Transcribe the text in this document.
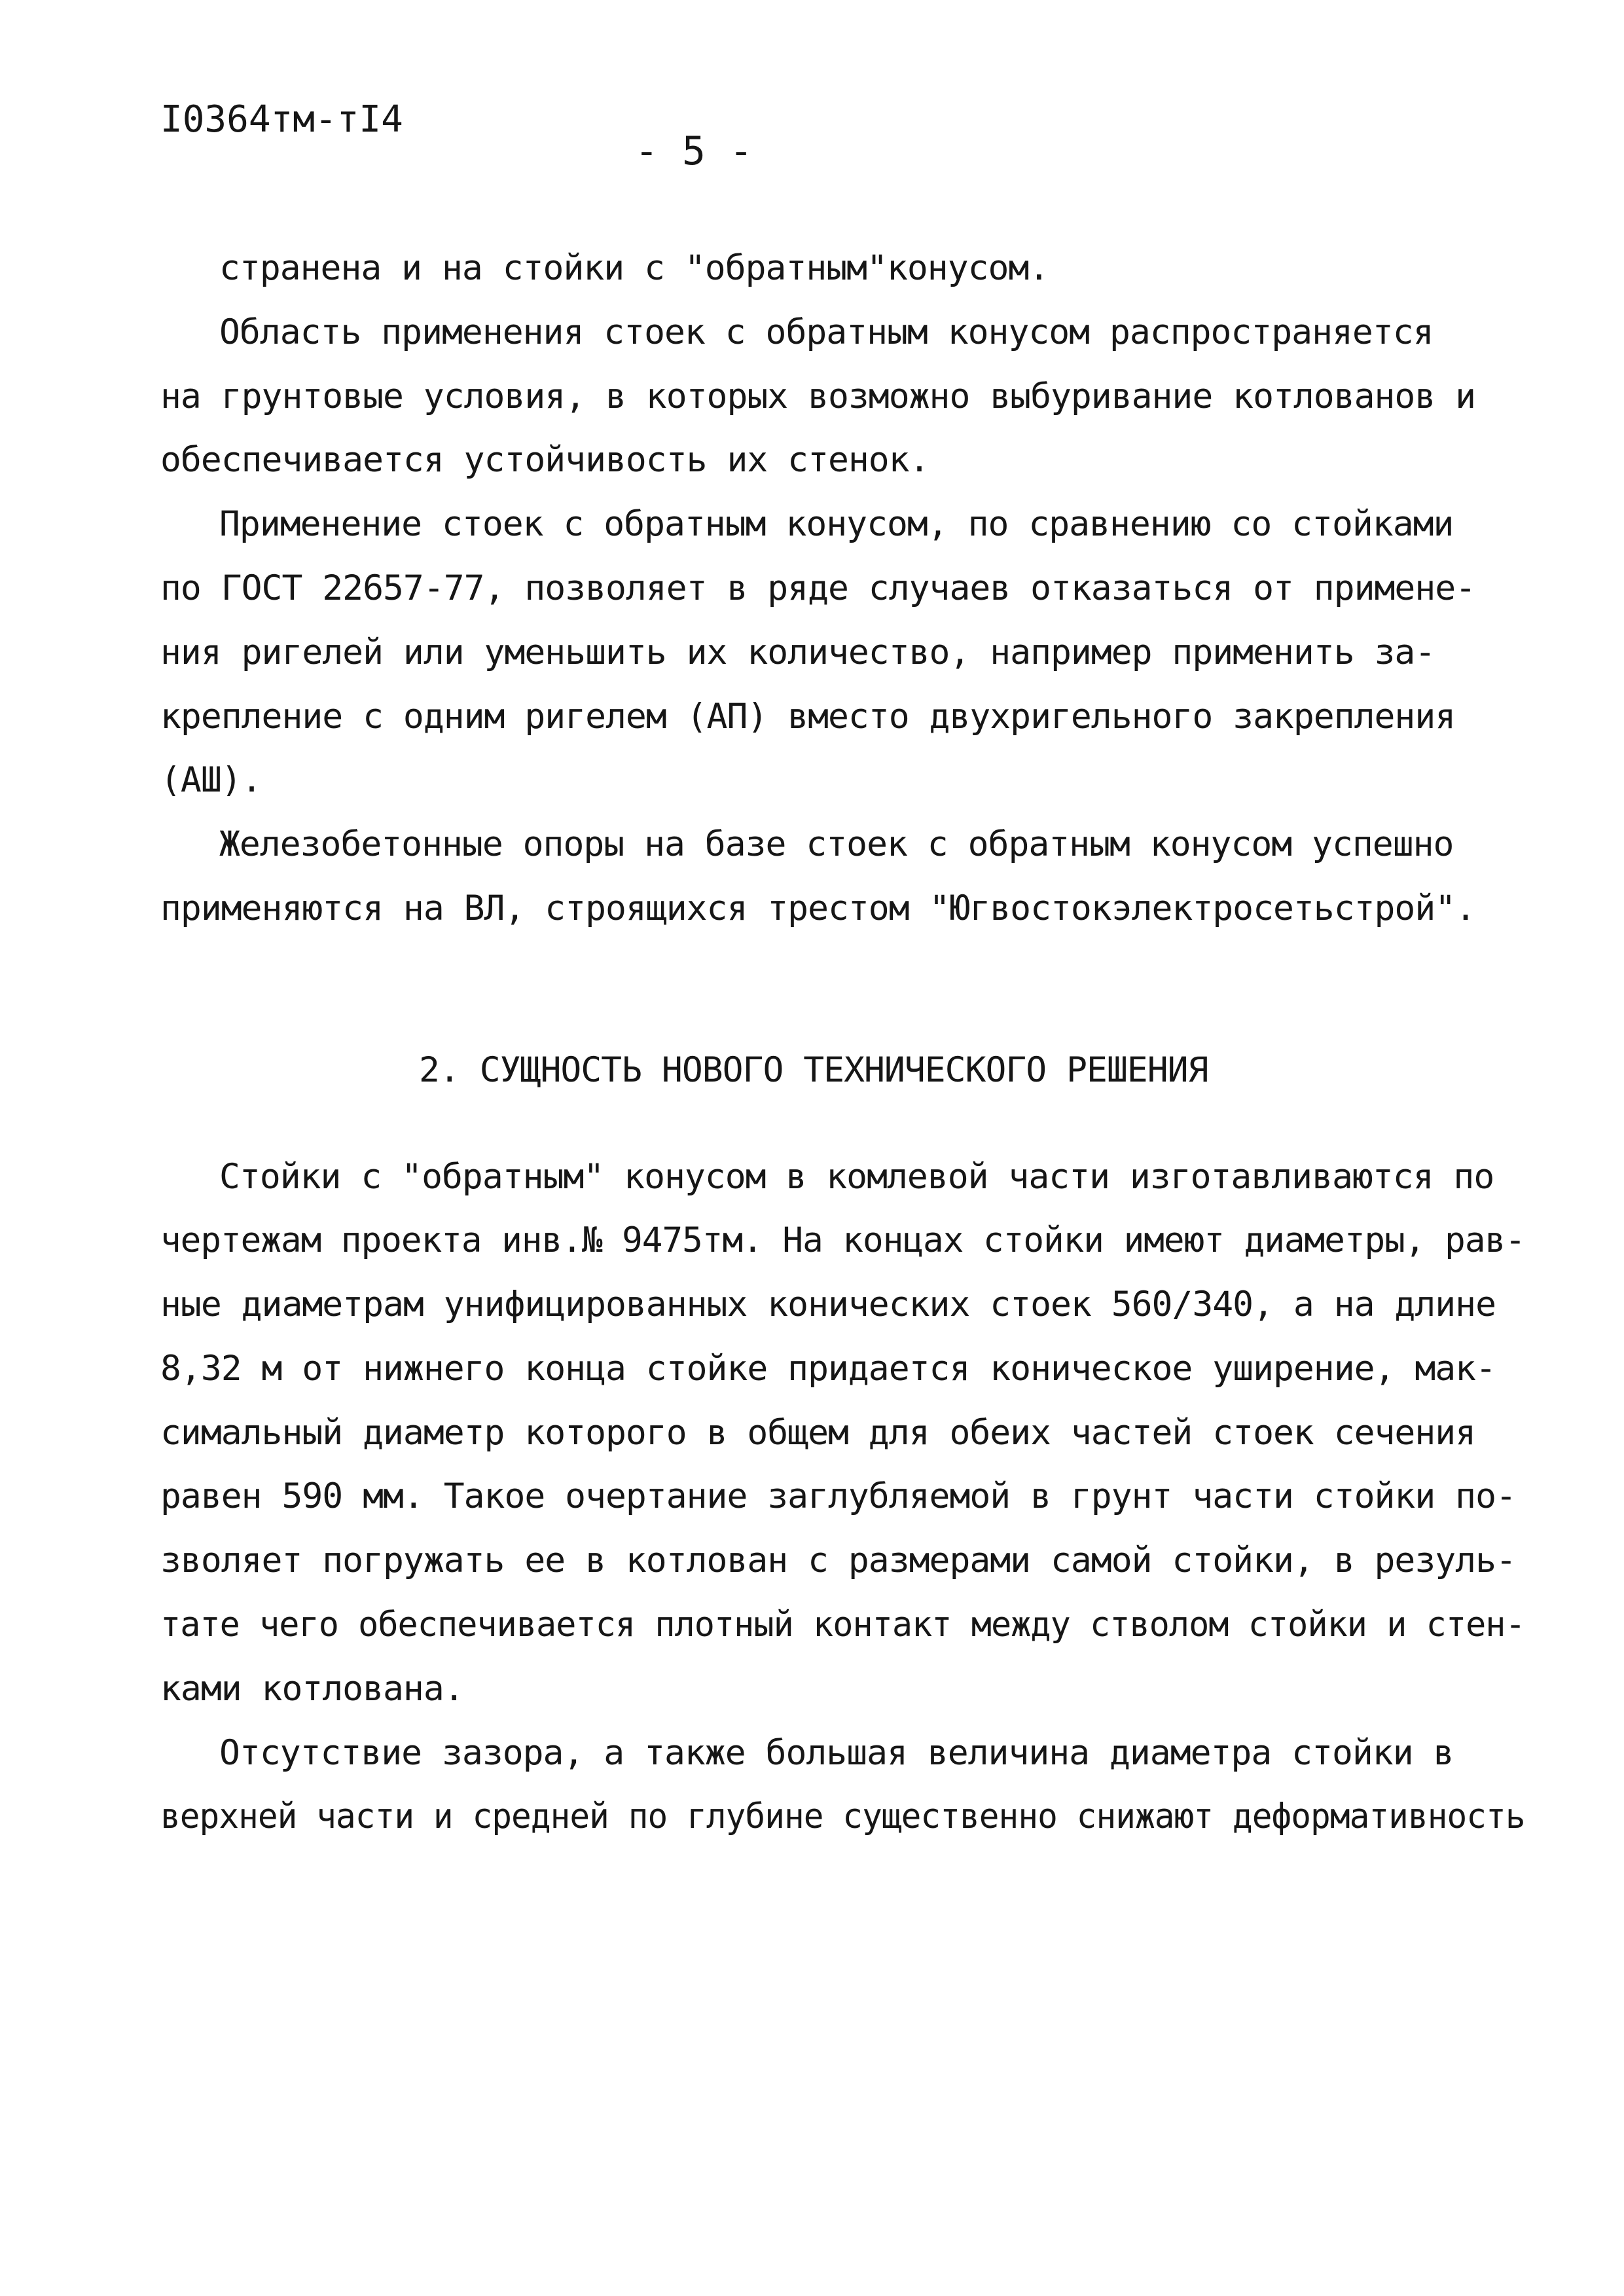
I0364тм-тI4
- 5 -
странена и на стойки с "обратным"конусом.
Область применения стоек с обратным конусом распространяется
на грунтовые условия, в которых возможно выбуривание котлованов и
обеспечивается устойчивость их стенок.
Применение стоек с обратным конусом, по сравнению со стойками
по ГОСТ 22657-77, позволяет в ряде случаев отказаться от примене-
ния ригелей или уменьшить их количество, например применить за-
крепление с одним ригелем (АП) вместо двухригельного закрепления
(АШ).
Железобетонные опоры на базе стоек с обратным конусом успешно
применяются на ВЛ, строящихся трестом "Югвостокэлектросетьстрой".
2. СУЩНОСТЬ НОВОГО ТЕХНИЧЕСКОГО РЕШЕНИЯ
Стойки с "обратным" конусом в комлевой части изготавливаются по
чертежам проекта инв.№ 9475тм. На концах стойки имеют диаметры, рав-
ные диаметрам унифицированных конических стоек 560/340, а на длине
8,32 м от нижнего конца стойке придается коническое уширение, мак-
симальный диаметр которого в общем для обеих частей стоек сечения
равен 590 мм. Такое очертание заглубляемой в грунт части стойки по-
зволяет погружать ее в котлован с размерами самой стойки, в резуль-
тате чего обеспечивается плотный контакт между стволом стойки и стен-
ками котлована.
Отсутствие зазора, а также большая величина диаметра стойки в
верхней части и средней по глубине существенно снижают деформативность
